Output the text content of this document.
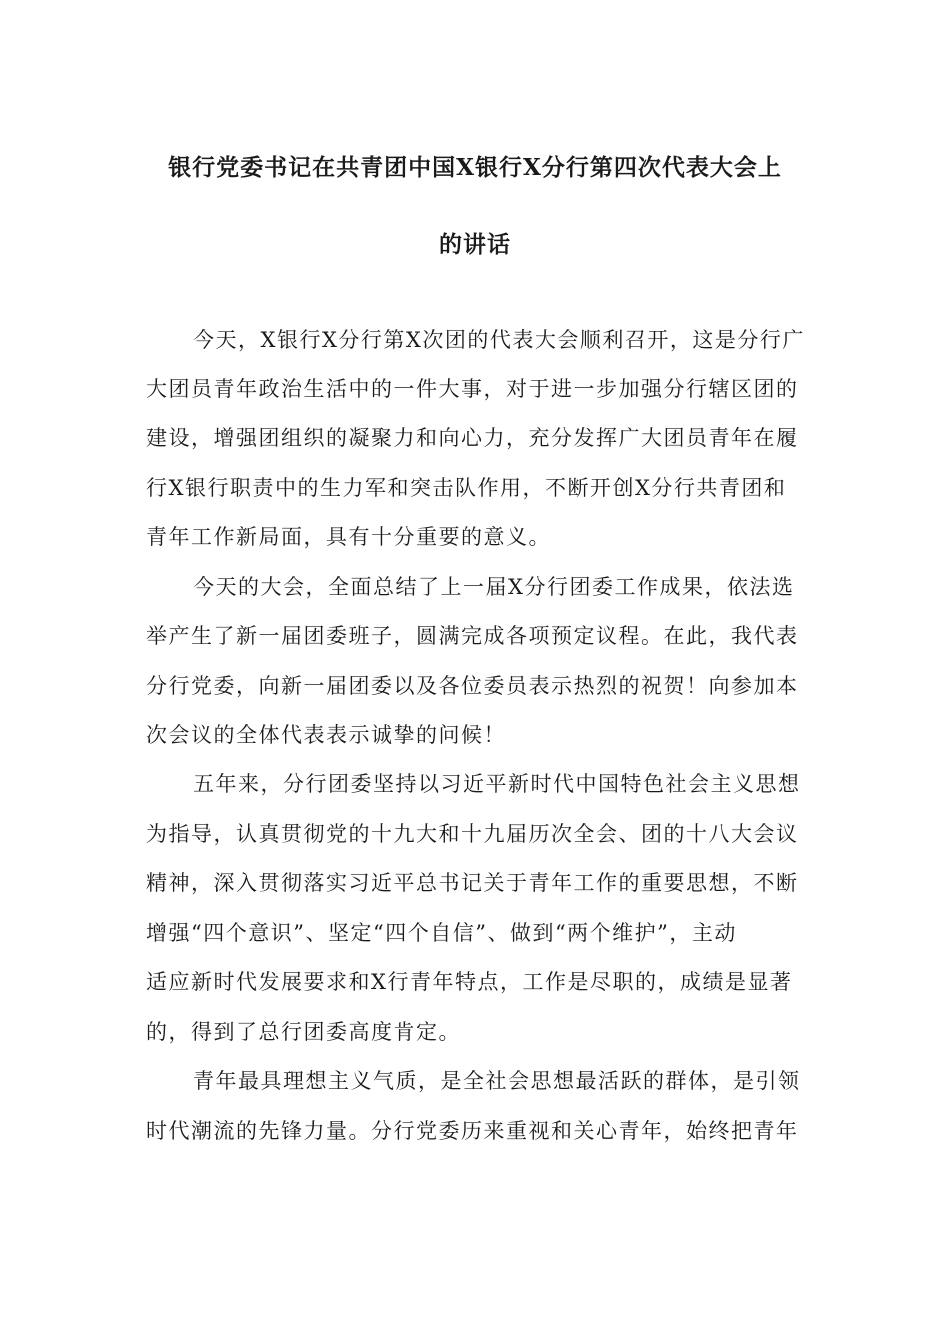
银行党委书记在共青团中国X银行X分行第四次代表大会上
的讲话

今天，X银行X分行第X次团的代表大会顺利召开，这是分行广

大团员青年政治生活中的一件大事，对于进一步加强分行辖区团的

建设，增强团组织的凝聚力和向心力，充分发挥广大团员青年在履

行X银行职责中的生力军和突击队作用，不断开创X分行共青团和

青年工作新局面，具有十分重要的意义。

今天的大会，全面总结了上一届X分行团委工作成果，依法选

举产生了新一届团委班子，圆满完成各项预定议程。在此，我代表

分行党委，向新一届团委以及各位委员表示热烈的祝贺！向参加本

次会议的全体代表表示诚挚的问候！

五年来，分行团委坚持以习近平新时代中国特色社会主义思想

为指导，认真贯彻党的十九大和十九届历次全会、团的十八大会议

精神，深入贯彻落实习近平总书记关于青年工作的重要思想，不断

增强“四个意识”、坚定“四个自信”、做到“两个维护”，主动

适应新时代发展要求和X行青年特点，工作是尽职的，成绩是显著

的，得到了总行团委高度肯定。

青年最具理想主义气质，是全社会思想最活跃的群体，是引领

时代潮流的先锋力量。分行党委历来重视和关心青年，始终把青年
